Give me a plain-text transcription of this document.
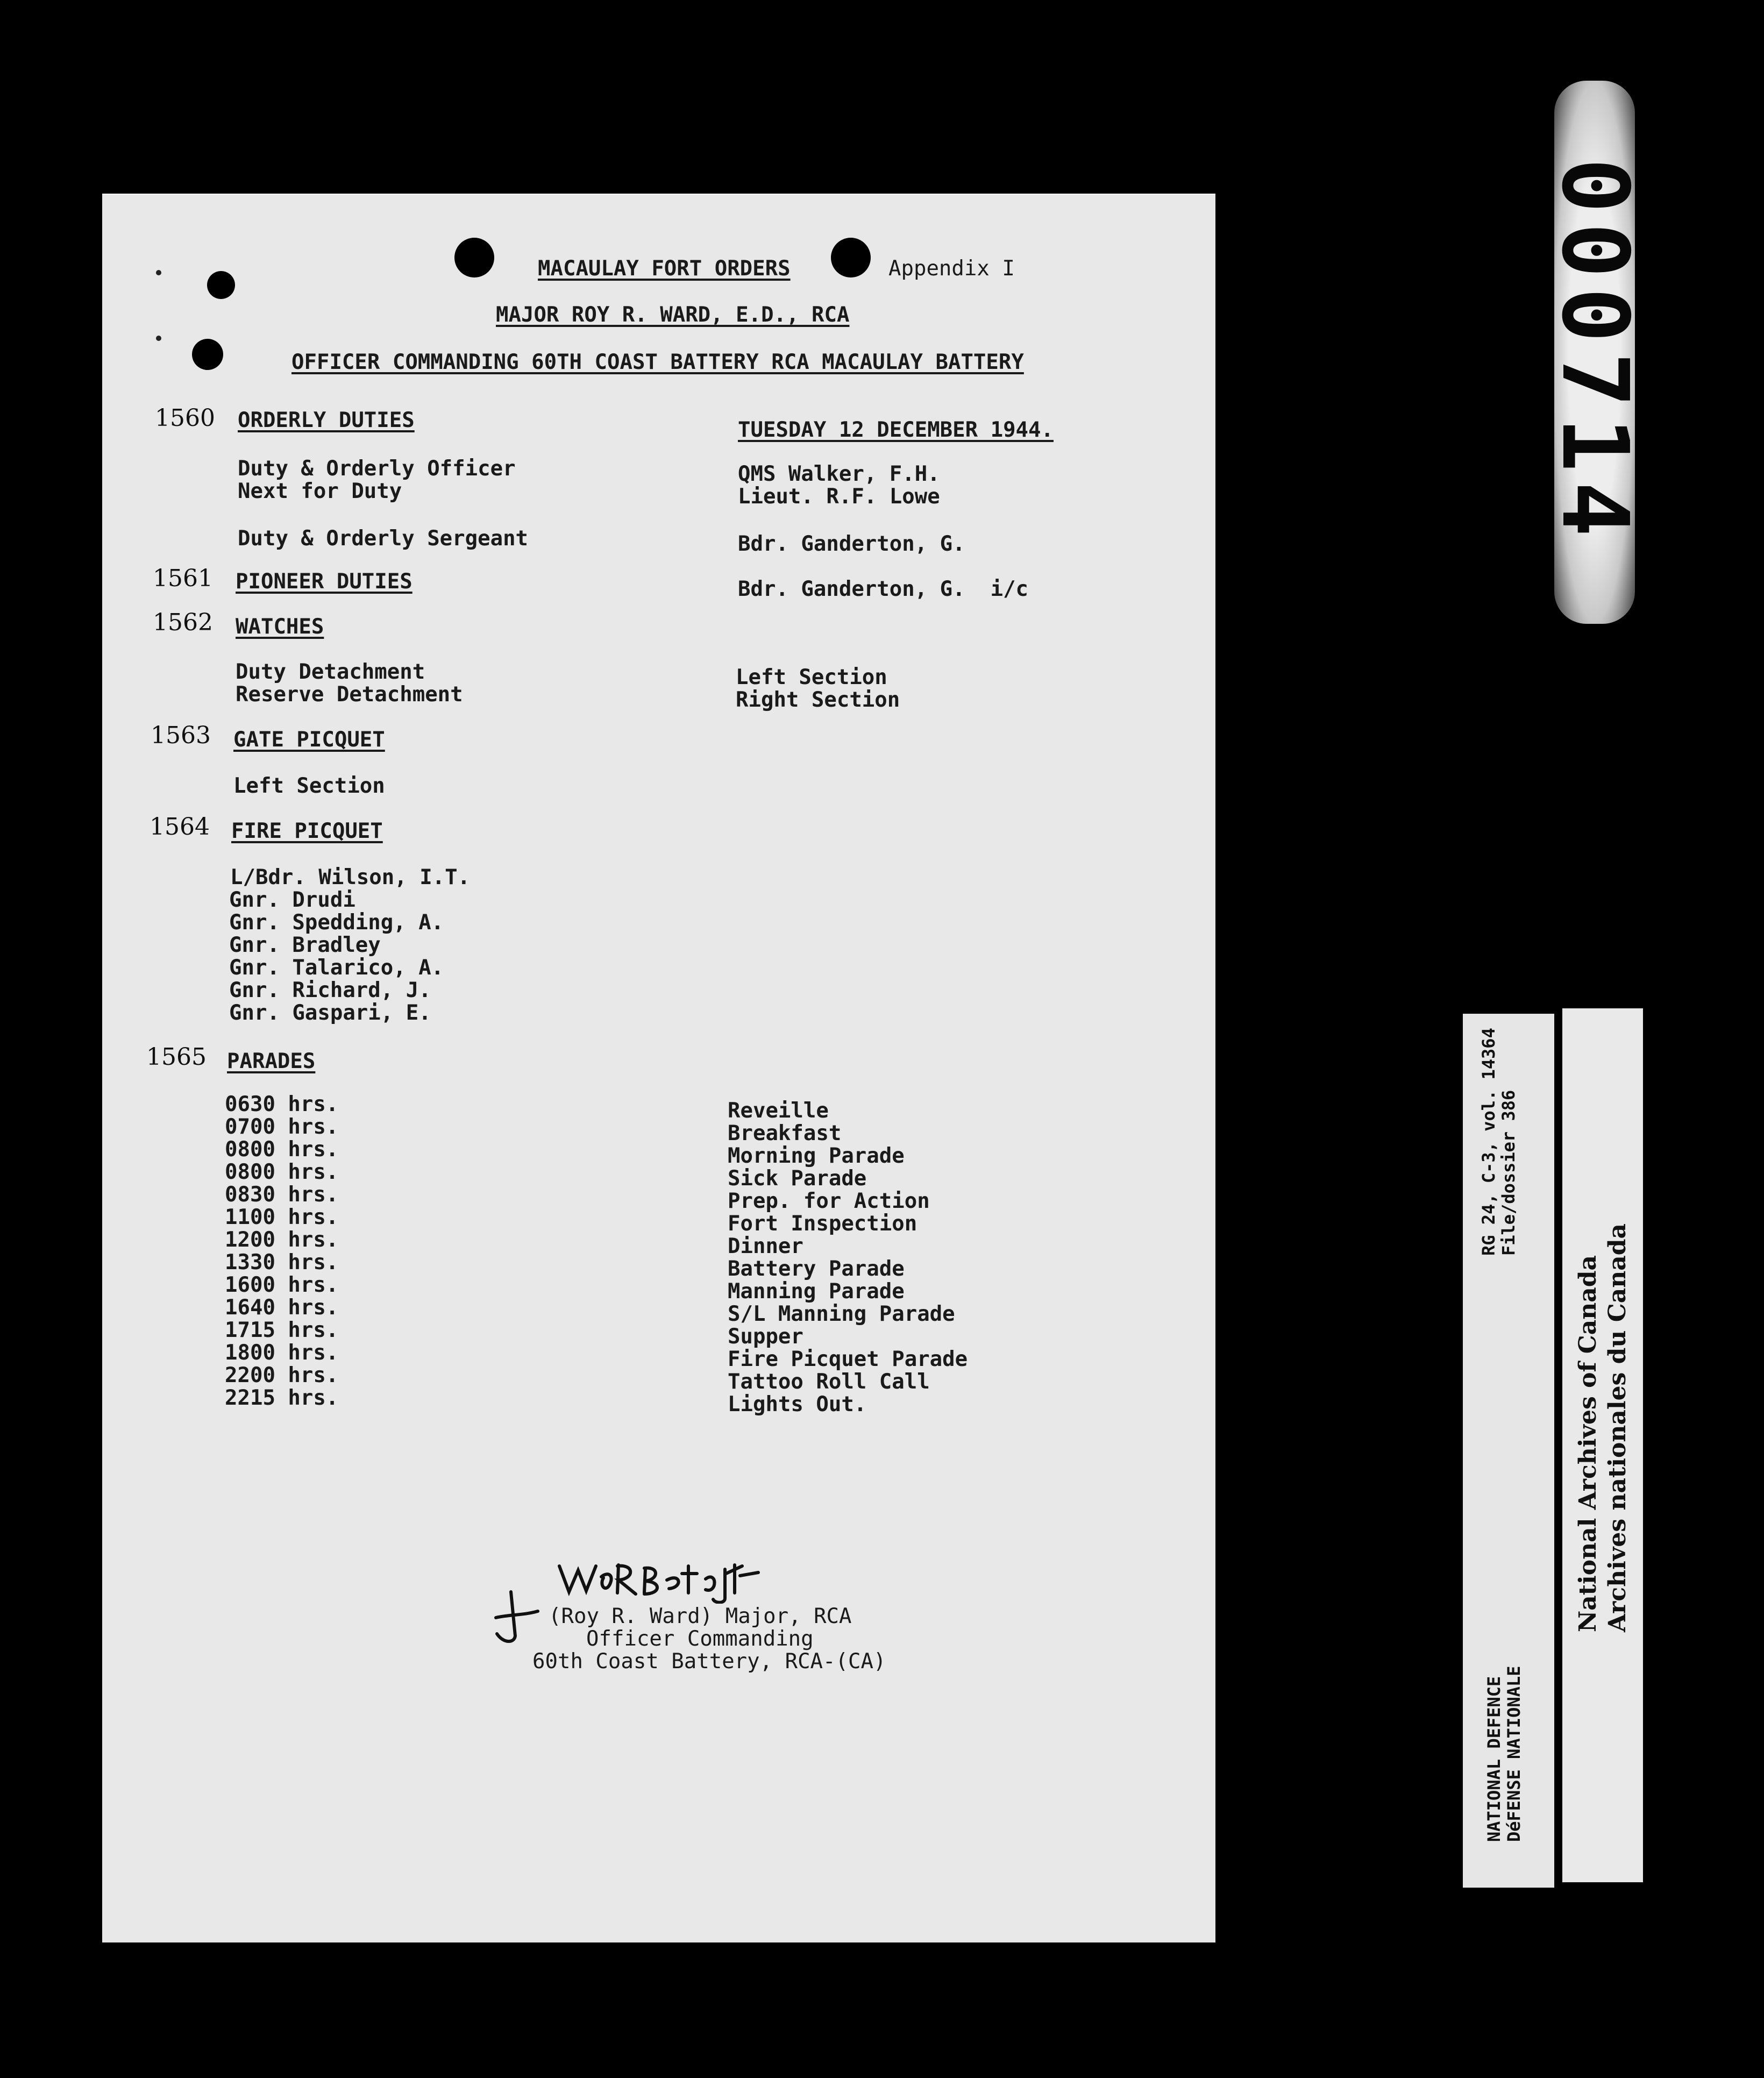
MACAULAY FORT ORDERS	Appendix I
MAJOR ROY R. WARD, E.D., RCA
OFFICER COMMANDING 60TH COAST BATTERY RCA MACAULAY BATTERY
1560 ORDERLY DUTIES	TUESDAY 12 DECEMBER 1944.
Duty & Orderly Officer	QMS Walker, F.H.
Next for Duty	Lieut. R.F. Lowe
Duty & Orderly Sergeant	Bdr. Ganderton, G.
1561 PIONEER DUTIES	Bdr. Ganderton, G.  i/c
1562 WATCHES
Duty Detachment	Left Section
Reserve Detachment	Right Section
1563 GATE PICQUET
Left Section
1564 FIRE PICQUET
L/Bdr. Wilson, I.T.
Gnr. Drudi
Gnr. Spedding, A.
Gnr. Bradley
Gnr. Talarico, A.
Gnr. Richard, J.
Gnr. Gaspari, E.
1565 PARADES
0630 hrs.	Reveille
0700 hrs.	Breakfast
0800 hrs.	Morning Parade
0800 hrs.	Sick Parade
0830 hrs.	Prep. for Action
1100 hrs.	Fort Inspection
1200 hrs.	Dinner
1330 hrs.	Battery Parade
1600 hrs.	Manning Parade
1640 hrs.	S/L Manning Parade
1715 hrs.	Supper
1800 hrs.	Fire Picquet Parade
2200 hrs.	Tattoo Roll Call
2215 hrs.	Lights Out.
(Roy R. Ward) Major, RCA
Officer Commanding
60th Coast Battery, RCA-(CA)
000714
RG 24, C-3, vol. 14364
File/dossier 386
NATIONAL DEFENCE
DéFENSE NATIONALE
National Archives of Canada Archives nationales du Canada
